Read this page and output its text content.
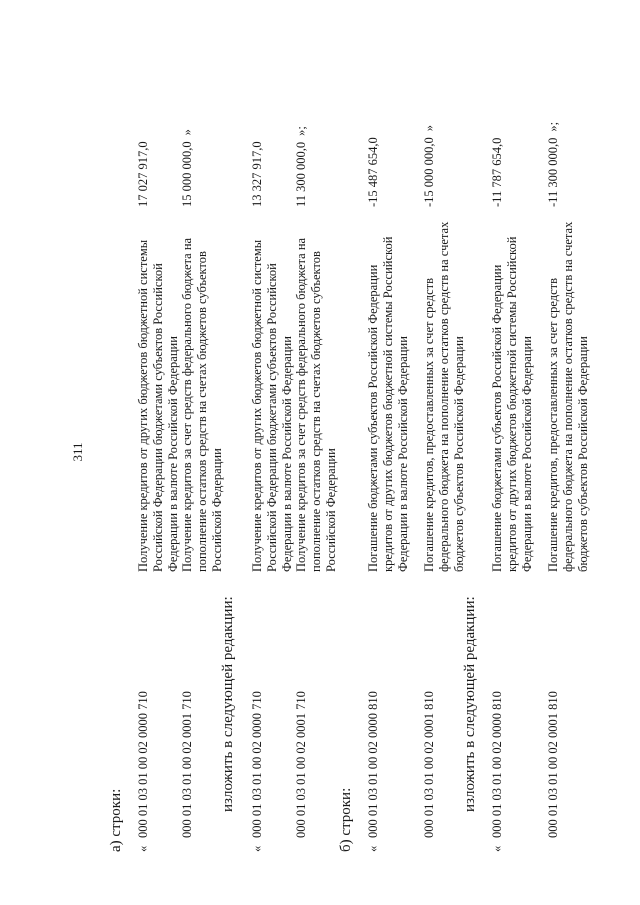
311
а) строки: «
000 01 03 01 00 02 0000 710
Получение кредитов от других бюджетов бюджетной системы Российской Федерации бюджетами субъектов Российской Федерации в валюте Российской Федерации
17 027 917,0
000 01 03 01 00 02 0001 710
Получение кредитов за счет средств федерального бюджета на пополнение остатков средств на счетах бюджетов субъектов Российской Федерации
15 000 000,0»
изложить в следующей редакции:
«
000 01 03 01 00 02 0000 710
Получение кредитов от других бюджетов бюджетной системы Российской Федерации бюджетами субъектов Российской Федерации в валюте Российской Федерации
13 327 917,0
000 01 03 01 00 02 0001 710
Получение кредитов за счет средств федерального бюджета на пополнение остатков средств на счетах бюджетов субъектов Российской Федерации
11 300 000,0»;
б) строки: «
000 01 03 01 00 02 0000 810
Погашение бюджетами субъектов Российской Федерации кредитов от других бюджетов бюджетной системы Российской Федерации в валюте Российской Федерации
-15 487 654,0
000 01 03 01 00 02 0001 810
Погашение кредитов, предоставленных за счет средств федерального бюджета на пополнение остатков средств на счетах бюджетов субъектов Российской Федерации
-15 000 000,0»
изложить в следующей редакции:
«
000 01 03 01 00 02 0000 810
Погашение бюджетами субъектов Российской Федерации кредитов от других бюджетов бюджетной системы Российской Федерации в валюте Российской Федерации
-11 787 654,0
000 01 03 01 00 02 0001 810
Погашение кредитов, предоставленных за счет средств федерального бюджета на пополнение остатков средств на счетах бюджетов субъектов Российской Федерации
-11 300 000,0»;
